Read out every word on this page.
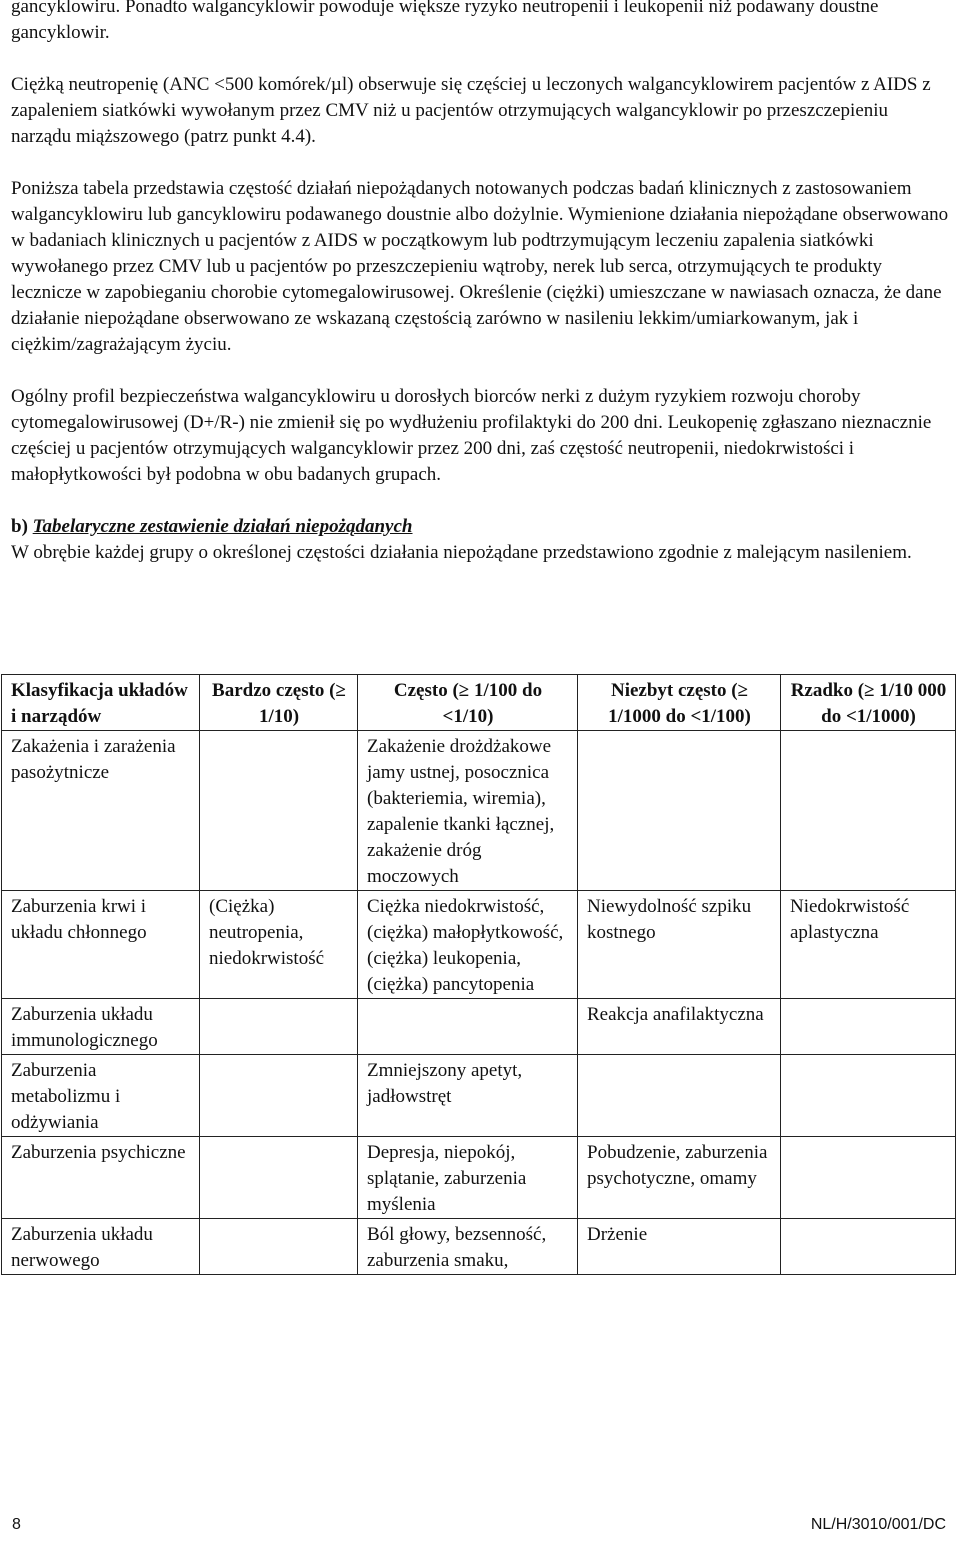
gancyklowiru. Ponadto walgancyklowir powoduje większe ryzyko neutropenii i leukopenii niż podawany doustne gancyklowir.

Ciężką neutropenię (ANC <500 komórek/µl) obserwuje się częściej u leczonych walgancyklowirem pacjentów z AIDS z zapaleniem siatkówki wywołanym przez CMV niż u pacjentów otrzymujących walgancyklowir po przeszczepieniu narządu miąższowego (patrz punkt 4.4).

Poniższa tabela przedstawia częstość działań niepożądanych notowanych podczas badań klinicznych z zastosowaniem walgancyklowiru lub gancyklowiru podawanego doustnie albo dożylnie. Wymienione działania niepożądane obserwowano w badaniach klinicznych u pacjentów z AIDS w początkowym lub podtrzymującym leczeniu zapalenia siatkówki wywołanego przez CMV lub u pacjentów po przeszczepieniu wątroby, nerek lub serca, otrzymujących te produkty lecznicze w zapobieganiu chorobie cytomegalowirusowej. Określenie (ciężki) umieszczane w nawiasach oznacza, że dane działanie niepożądane obserwowano ze wskazaną częstością zarówno w nasileniu lekkim/umiarkowanym, jak i ciężkim/zagrażającym życiu.

Ogólny profil bezpieczeństwa walgancyklowiru u dorosłych biorców nerki z dużym ryzykiem rozwoju choroby cytomegalowirusowej (D+/R-) nie zmienił się po wydłużeniu profilaktyki do 200 dni. Leukopenię zgłaszano nieznacznie częściej u pacjentów otrzymujących walgancyklowir przez 200 dni, zaś częstość neutropenii, niedokrwistości i małopłytkowości był podobna w obu badanych grupach.

b) Tabelaryczne zestawienie działań niepożądanych

W obrębie każdej grupy o określonej częstości działania niepożądane przedstawiono zgodnie z malejącym nasileniem.

Klasyfikacja układów i narządów	Bardzo często (≥ 1/10)	Często (≥ 1/100 do <1/10)	Niezbyt często (≥ 1/1000 do <1/100)	Rzadko (≥ 1/10 000 do <1/1000)
Zakażenia i zarażenia pasożytnicze		Zakażenie drożdżakowe jamy ustnej, posocznica (bakteriemia, wiremia), zapalenie tkanki łącznej, zakażenie dróg moczowych		
Zaburzenia krwi i układu chłonnego	(Ciężka) neutropenia, niedokrwistość	Ciężka niedokrwistość, (ciężka) małopłytkowość, (ciężka) leukopenia, (ciężka) pancytopenia	Niewydolność szpiku kostnego	Niedokrwistość aplastyczna
Zaburzenia układu immunologicznego			Reakcja anafilaktyczna	
Zaburzenia metabolizmu i odżywiania		Zmniejszony apetyt, jadłowstręt		
Zaburzenia psychiczne		Depresja, niepokój, splątanie, zaburzenia myślenia	Pobudzenie, zaburzenia psychotyczne, omamy	
Zaburzenia układu nerwowego		Ból głowy, bezsenność, zaburzenia smaku,	Drżenie	
8	NL/H/3010/001/DC
